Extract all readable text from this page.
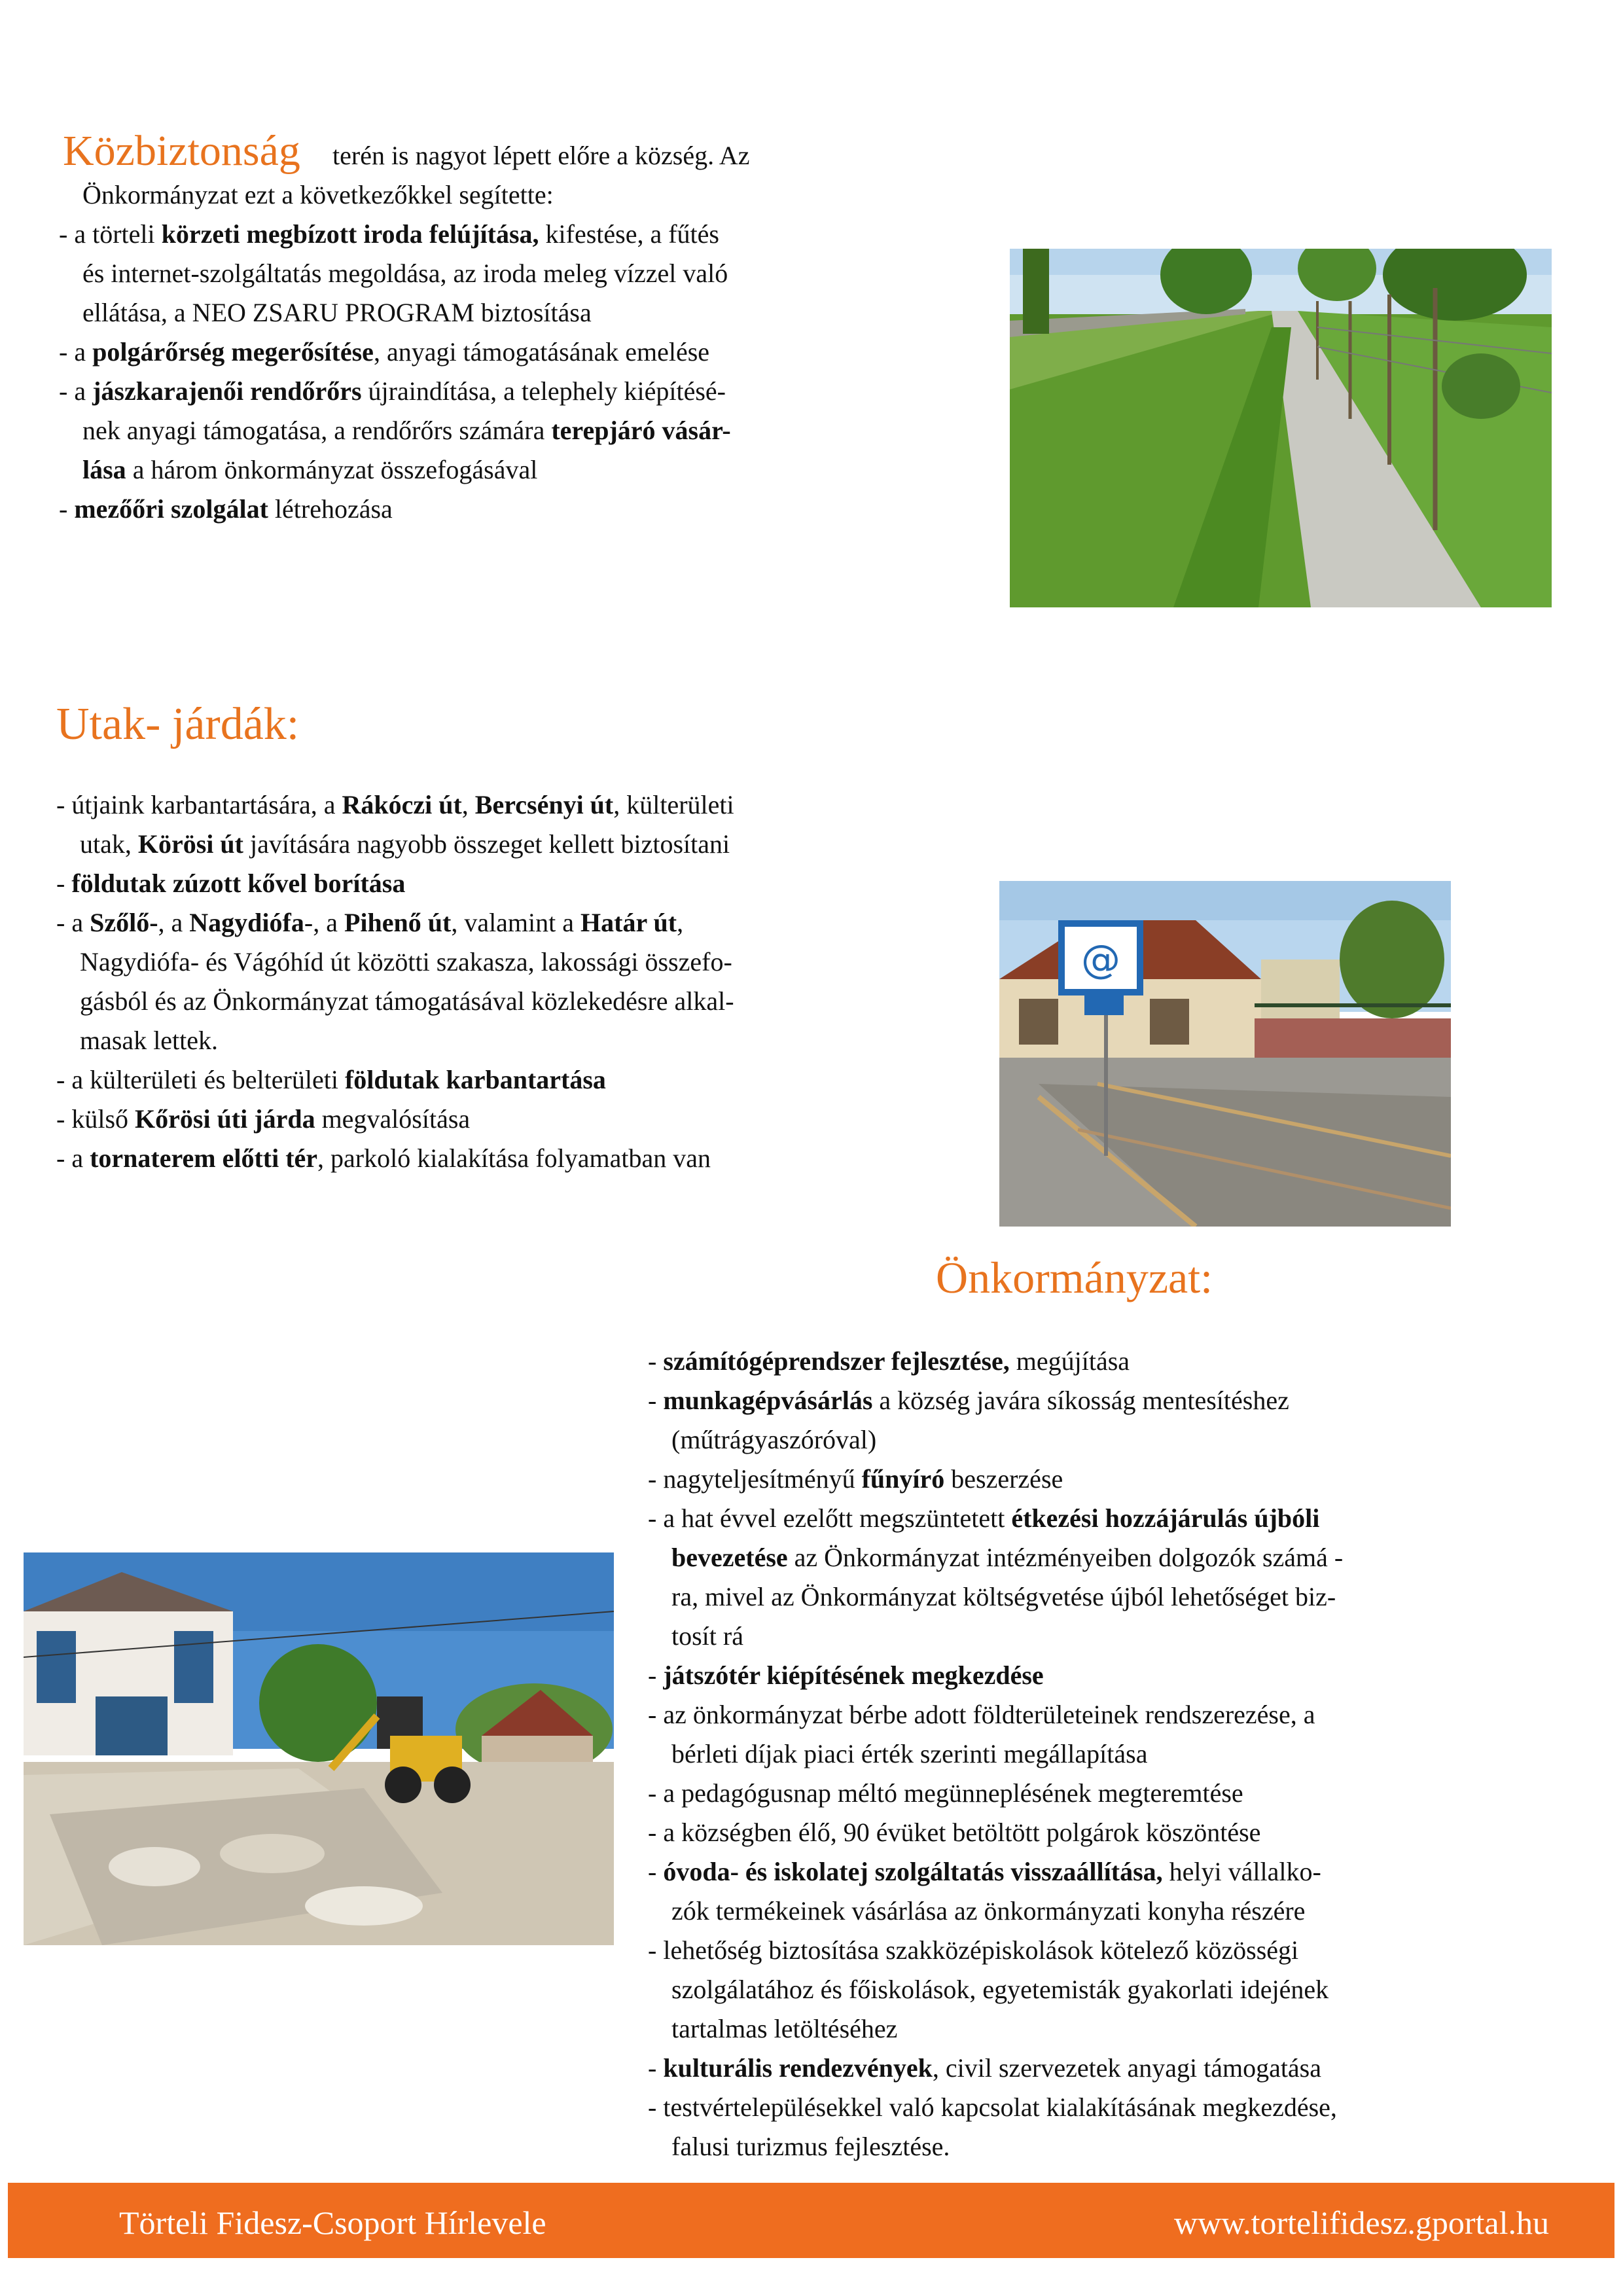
Közbiztonság	terén is nagyot lépett előre a község. Az
Önkormányzat ezt a következőkkel segítette:
- a törteli körzeti megbízott iroda felújítása, kifestése, a fűtés
és internet-szolgáltatás megoldása, az iroda meleg vízzel való
ellátása, a NEO ZSARU PROGRAM biztosítása
- a polgárőrség megerősítése, anyagi támogatásának emelése
- a jászkarajenői rendőrőrs újraindítása, a telephely kiépítésé-
nek anyagi támogatása, a rendőrőrs számára terepjáró vásár-
lása a három önkormányzat összefogásával
- mezőőri szolgálat létrehozása
Utak- járdák:
- útjaink karbantartására, a Rákóczi út, Bercsényi út, külterületi
utak, Körösi út javítására nagyobb összeget kellett biztosítani
- földutak zúzott kővel borítása
- a Szőlő-, a Nagydiófa-, a Pihenő út, valamint a Határ út,
Nagydiófa- és Vágóhíd út közötti szakasza, lakossági összefo-
gásból és az Önkormányzat támogatásával közlekedésre alkal-
masak lettek.
- a külterületi és belterületi földutak karbantartása
- külső Kőrösi úti járda megvalósítása
- a tornaterem előtti tér, parkoló kialakítása folyamatban van
@
Önkormányzat:
- számítógéprendszer fejlesztése, megújítása
- munkagépvásárlás a község javára síkosság mentesítéshez
(műtrágyaszóróval)
- nagyteljesítményű fűnyíró beszerzése
- a hat évvel ezelőtt megszüntetett étkezési hozzájárulás újbóli
bevezetése az Önkormányzat intézményeiben dolgozók számá -
ra, mivel az Önkormányzat költségvetése újból lehetőséget biz-
tosít rá
- játszótér kiépítésének megkezdése
- az önkormányzat bérbe adott földterületeinek rendszerezése, a
bérleti díjak piaci érték szerinti megállapítása
- a pedagógusnap méltó megünneplésének megteremtése
- a községben élő, 90 évüket betöltött polgárok köszöntése
- óvoda- és iskolatej szolgáltatás visszaállítása, helyi vállalko-
zók termékeinek vásárlása az önkormányzati konyha részére
- lehetőség biztosítása szakközépiskolások kötelező közösségi
szolgálatához és főiskolások, egyetemisták gyakorlati idejének
tartalmas letöltéséhez
- kulturális rendezvények, civil szervezetek anyagi támogatása
- testvértelepülésekkel való kapcsolat kialakításának megkezdése,
falusi turizmus fejlesztése.
Törteli Fidesz-Csoport Hírlevele	www.tortelifidesz.gportal.hu
